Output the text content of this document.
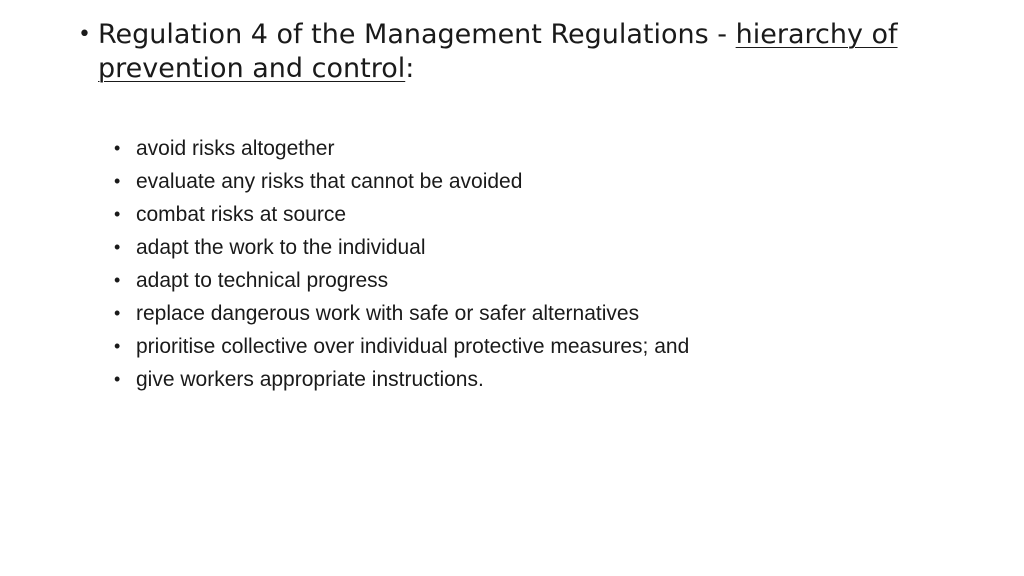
• Regulation 4 of the Management Regulations - hierarchy of prevention and control:
• avoid risks altogether
• evaluate any risks that cannot be avoided
• combat risks at source
• adapt the work to the individual
• adapt to technical progress
• replace dangerous work with safe or safer alternatives
• prioritise collective over individual protective measures; and
• give workers appropriate instructions.
